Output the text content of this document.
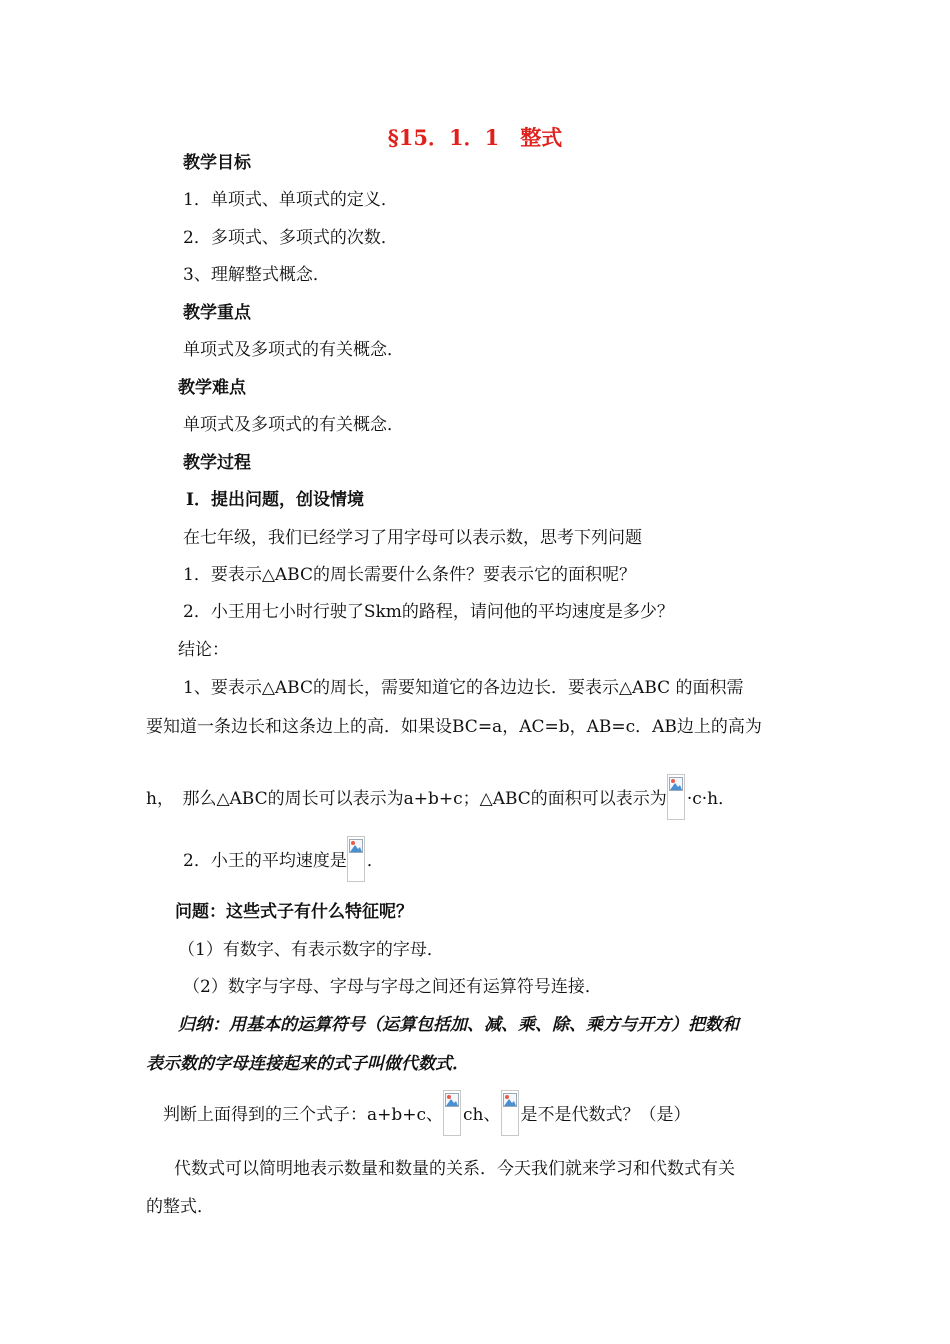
§15．1．1　整式
教学目标
1．单项式、单项式的定义．
2．多项式、多项式的次数．
3、理解整式概念．
教学重点
单项式及多项式的有关概念．
教学难点
单项式及多项式的有关概念．
教学过程
Ⅰ．提出问题，创设情境
在七年级，我们已经学习了用字母可以表示数，思考下列问题
1．要表示△ABC的周长需要什么条件？要表示它的面积呢？
2．小王用七小时行驶了Skm的路程，请问他的平均速度是多少？
结论：
1、要表示△ABC的周长，需要知道它的各边边长．要表示△ABC 的面积需
要知道一条边长和这条边上的高．如果设BC=a，AC=b，AB=c．AB边上的高为
h，　那么△ABC的周长可以表示为a+b+c；△ABC的面积可以表示为 ·c·h．
2．小王的平均速度是 ．
问题：这些式子有什么特征呢？
（1）有数字、有表示数字的字母．
（2）数字与字母、字母与字母之间还有运算符号连接．
归纳：用基本的运算符号（运算包括加、减、乘、除、乘方与开方）把数和
表示数的字母连接起来的式子叫做代数式．
判断上面得到的三个式子：a+b+c、 ch、 是不是代数式？（是）
代数式可以简明地表示数量和数量的关系．今天我们就来学习和代数式有关
的整式．
